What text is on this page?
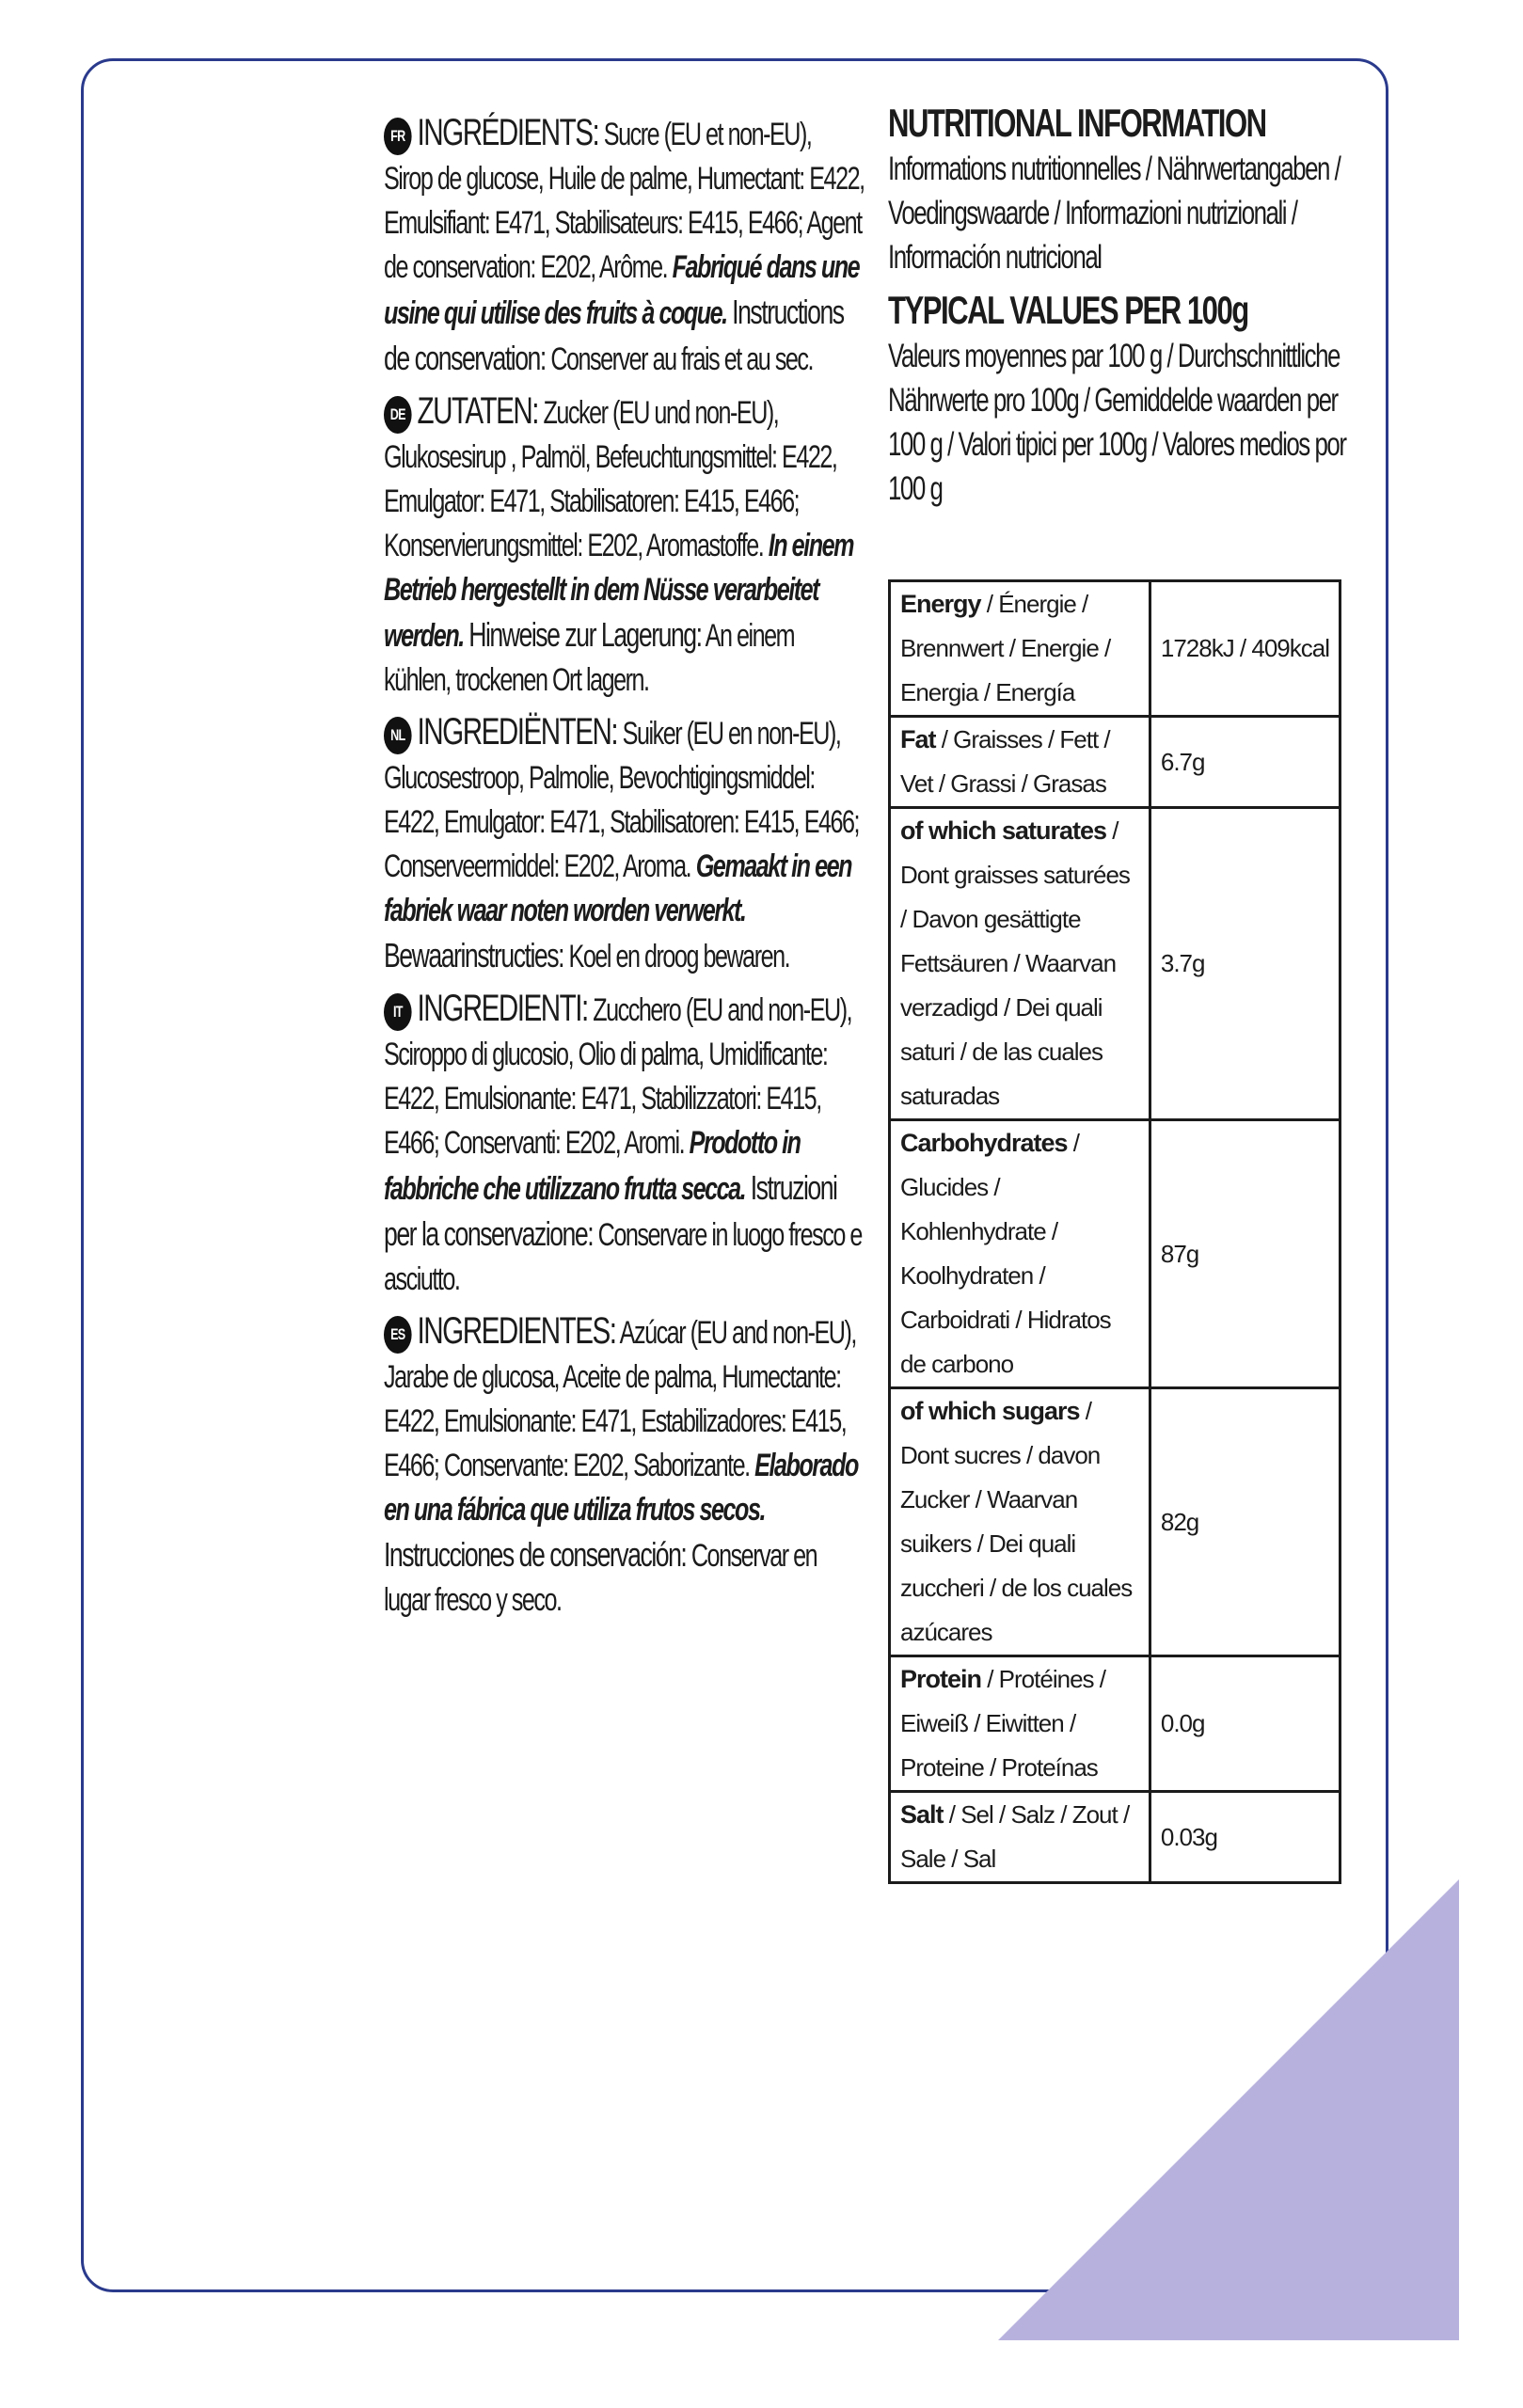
FR INGRÉDIENTS: Sucre (EU et non-EU), Sirop de glucose, Huile de palme, Humectant: E422, Emulsifiant: E471, Stabilisateurs: E415, E466; Agent de conservation: E202, Arôme. Fabriqué dans une usine qui utilise des fruits à coque. Instructions de conservation: Conserver au frais et au sec.
DE ZUTATEN: Zucker (EU und non-EU), Glukosesirup , Palmöl, Befeuchtungsmittel: E422, Emulgator: E471, Stabilisatoren: E415, E466; Konservierungsmittel: E202, Aromastoffe. In einem Betrieb hergestellt in dem Nüsse verarbeitet werden. Hinweise zur Lagerung: An einem kühlen, trockenen Ort lagern.
NL INGREDIËNTEN: Suiker (EU en non-EU), Glucosestroop, Palmolie, Bevochtigingsmiddel: E422, Emulgator: E471, Stabilisatoren: E415, E466; Conserveermiddel: E202, Aroma. Gemaakt in een fabriek waar noten worden verwerkt. Bewaarinstructies: Koel en droog bewaren.
IT INGREDIENTI: Zucchero (EU and non-EU), Sciroppo di glucosio, Olio di palma, Umidificante: E422, Emulsionante: E471, Stabilizzatori: E415, E466; Conservanti: E202, Aromi. Prodotto in fabbriche che utilizzano frutta secca. Istruzioni per la conservazione: Conservare in luogo fresco e asciutto.
ES INGREDIENTES: Azúcar (EU and non-EU), Jarabe de glucosa, Aceite de palma, Humectante: E422, Emulsionante: E471, Estabilizadores: E415, E466; Conservante: E202, Saborizante. Elaborado en una fábrica que utiliza frutos secos. Instrucciones de conservación: Conservar en lugar fresco y seco.
NUTRITIONAL INFORMATION
Informations nutritionnelles / Nährwertangaben / Voedingswaarde / Informazioni nutrizionali / Información nutricional
TYPICAL VALUES PER 100g
Valeurs moyennes par 100 g / Durchschnittliche Nährwerte pro 100g / Gemiddelde waarden per 100 g / Valori tipici per 100g / Valores medios por 100 g
Energy / Énergie / Brennwert / Energie / Energia / Energía	1728kJ / 409kcal
Fat / Graisses / Fett / Vet / Grassi / Grasas	6.7g
of which saturates / Dont graisses saturées / Davon gesättigte Fettsäuren / Waarvan verzadigd / Dei quali saturi / de las cuales saturadas	3.7g
Carbohydrates / Glucides / Kohlenhydrate / Koolhydraten / Carboidrati / Hidratos de carbono	87g
of which sugars / Dont sucres / davon Zucker / Waarvan suikers / Dei quali zuccheri / de los cuales azúcares	82g
Protein / Protéines / Eiweiß / Eiwitten / Proteine / Proteínas	0.0g
Salt / Sel / Salz / Zout / Sale / Sal	0.03g
